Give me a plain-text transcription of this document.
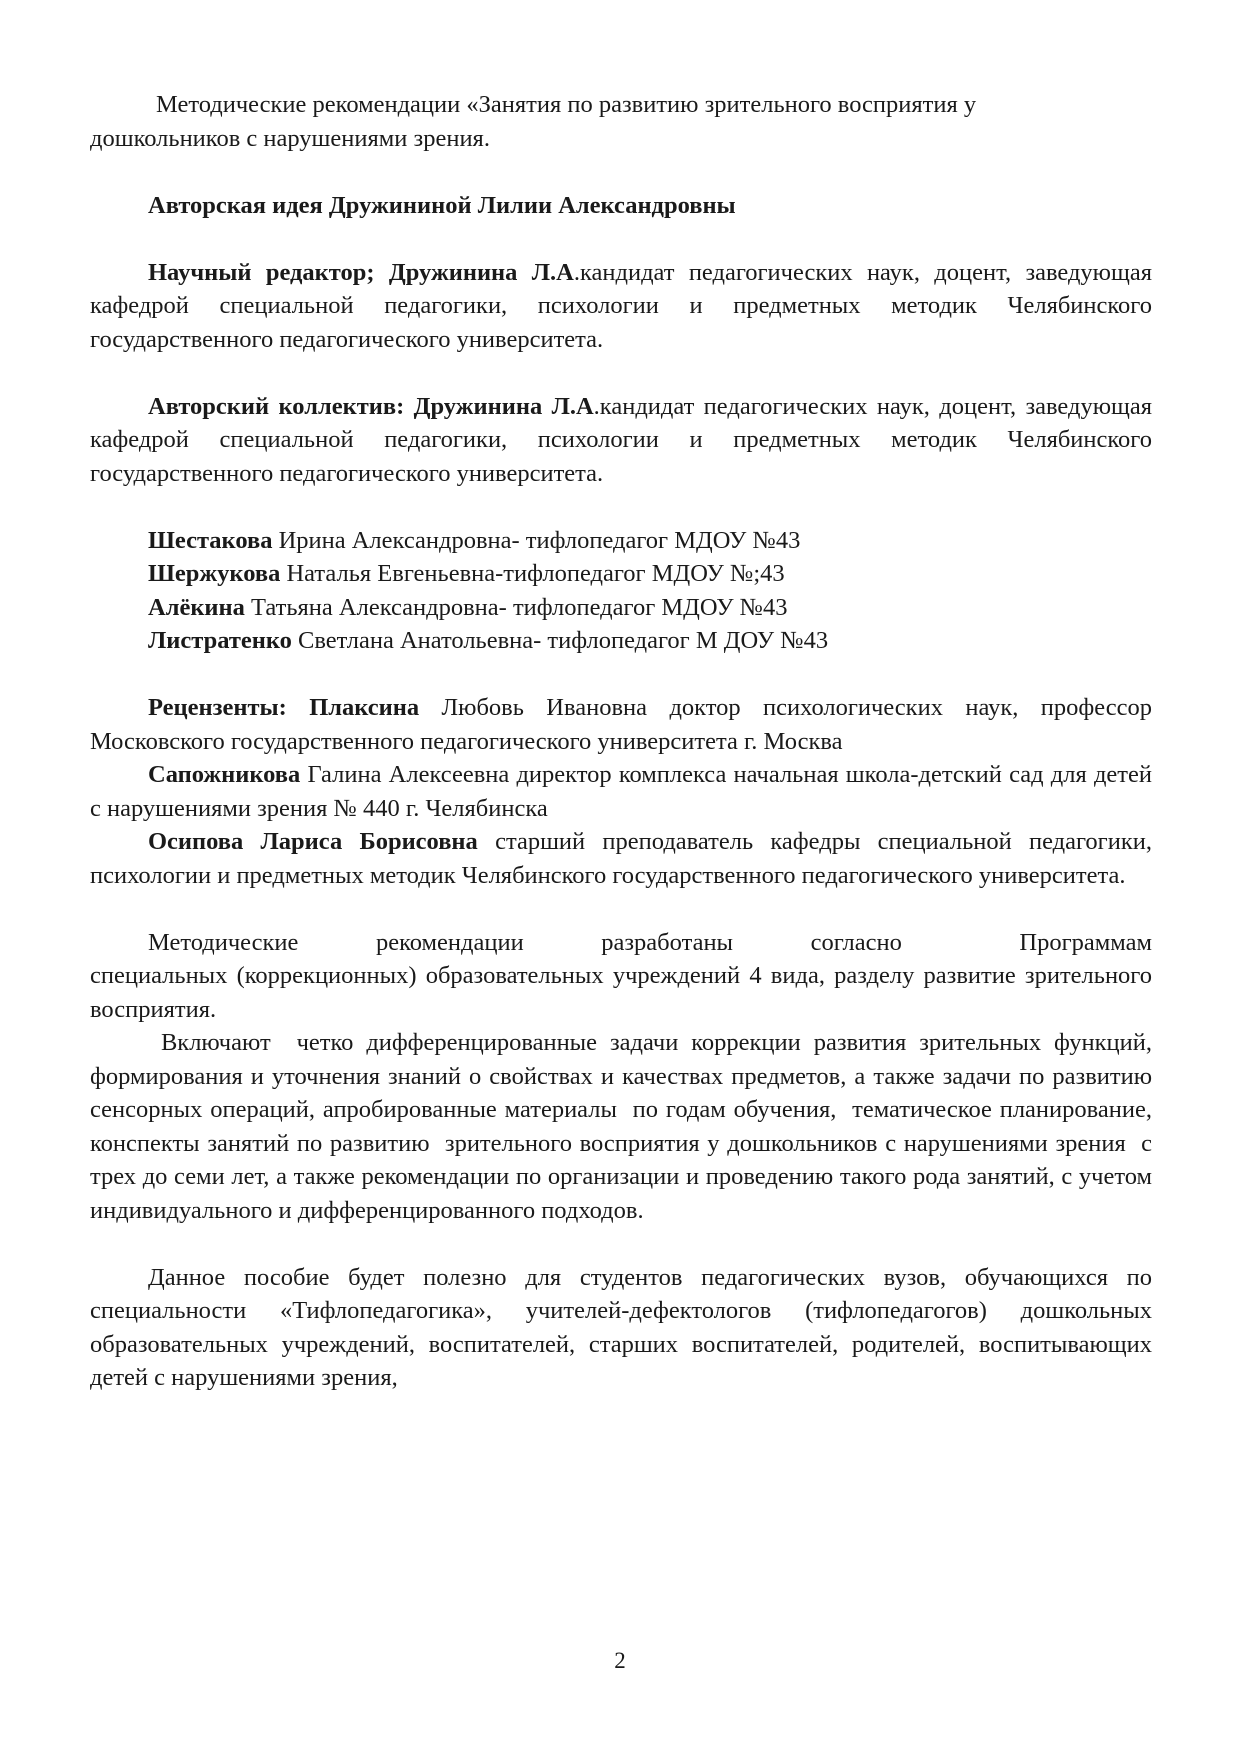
Методические рекомендации «Занятия по развитию зрительного восприятия у

дошкольников с нарушениями зрения.

Авторская идея Дружининой Лилии Александровны

Научный редактор; Дружинина Л.А.кандидат педагогических наук, доцент, заведующая кафедрой специальной педагогики, психологии и предметных методик Челябинского государственного педагогического университета.

Авторский коллектив: Дружинина Л.А.кандидат педагогических наук, доцент, заведующая кафедрой специальной педагогики, психологии и предметных методик Челябинского государственного педагогического университета.

Шестакова Ирина Александровна- тифлопедагог МДОУ №43

Шержукова Наталья Евгеньевна-тифлопедагог МДОУ №;43

Алёкина Татьяна Александровна- тифлопедагог МДОУ №43

Листратенко Светлана Анатольевна- тифлопедагог М ДОУ №43

Рецензенты: Плаксина Любовь Ивановна доктор психологических наук, профессор Московского государственного педагогического университета г. Москва

Сапожникова Галина Алексеевна директор комплекса начальная школа-детский сад для детей с нарушениями зрения № 440 г. Челябинска

Осипова Лариса Борисовна старший преподаватель кафедры специальной педагогики, психологии и предметных методик Челябинского государственного педагогического университета.

Методические	рекомендации	разработаны	согласно	Программам

специальных (коррекционных) образовательных учреждений 4 вида, разделу развитие зрительного восприятия.

Включают  четко дифференцированные задачи коррекции развития зрительных функций,  формирования и уточнения знаний о свойствах и качествах предметов, а также задачи по развитию сенсорных операций, апробированные материалы  по годам обучения,  тематическое планирование, конспекты занятий по развитию  зрительного восприятия у дошкольников с нарушениями зрения  с трех до семи лет, а также рекомендации по организации и проведению такого рода занятий, с учетом индивидуального и дифференцированного подходов.

Данное пособие будет полезно для студентов педагогических вузов, обучающихся по специальности «Тифлопедагогика», учителей-дефектологов (тифлопедагогов) дошкольных образовательных учреждений, воспитателей, старших воспитателей, родителей, воспитывающих детей с нарушениями зрения,

2
